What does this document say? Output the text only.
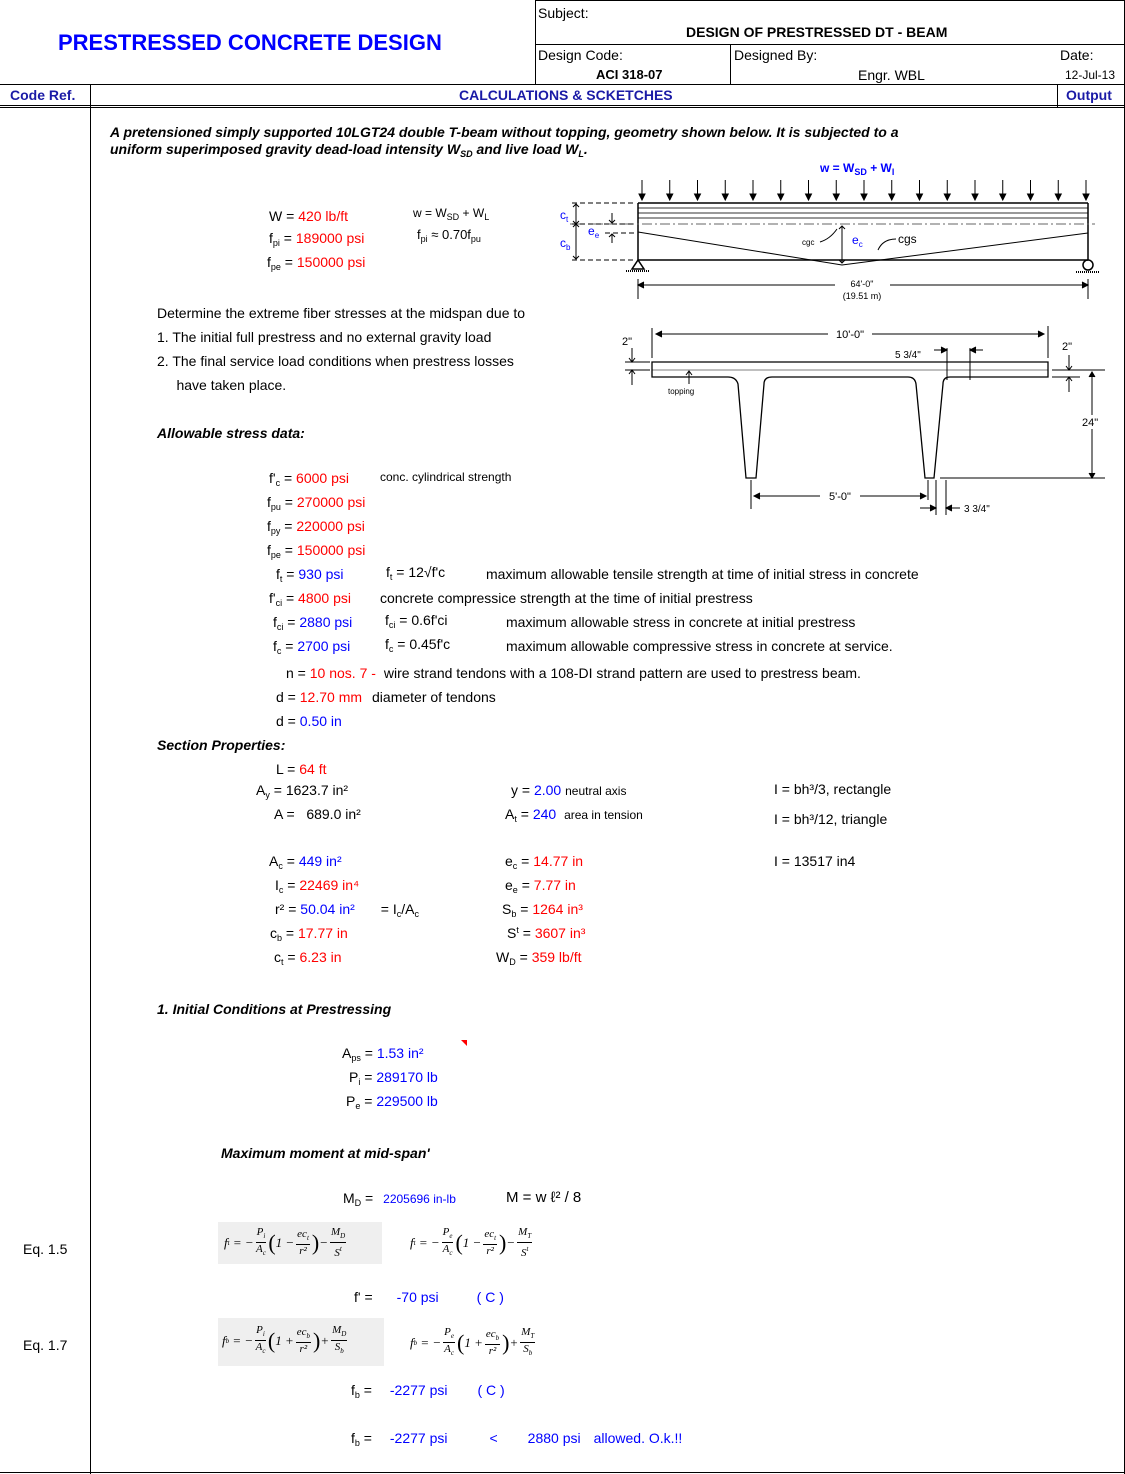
PRESTRESSED CONCRETE DESIGN
Subject:
DESIGN OF PRESTRESSED DT - BEAM
Design Code:
ACI 318-07
Designed By:
Engr. WBL
Date:
12-Jul-13
Code Ref.	CALCULATIONS & SCKETCHES	Output
A pretensioned simply supported 10LGT24 double T-beam without topping, geometry shown below. It is subjected to a
uniform superimposed gravity dead-load intensity $W_{SD}$ and live load $W_L$.
W = 420 lb/ft
$f_{pi} = 189000$ psi
$f_{pe} = 150000$ psi
$w = W_{SD} + W_L$
$f_{pi} \approx 0.70f_{pu}$
$w = W_{SD} + W_l$
$c_t$
$c_b$
$e_e$	$e_c$
cgc	cgs
64'-0"
(19.51 m)
10'-0"
2"
topping
5 3/4"
2"
24"
5'-0"
3 3/4"
Determine the extreme fiber stresses at the midspan due to
1. The initial full prestress and no external gravity load
2. The final service load conditions when prestress losses
have taken place.
Allowable stress data:
$f'_c = 6000$ psi	conc. cylindrical strength
$f_{pu} = 270000$ psi
$f_{py} = 220000$ psi
$f_{pe} = 150000$ psi
$f_t = 930$ psi	$f_t = 12√f'c$	maximum allowable tensile strength at time of initial stress in concrete
$f'_{ci} = 4800$ psi concrete compressice strength at the time of initial prestress
$f_{ci} = 2880$ psi $f_{ci} = 0.6f'ci$	maximum allowable stress in concrete at initial prestress
$f_c = 2700$ psi $f_c = 0.45f'c$	maximum allowable compressive stress in concrete at service.
n = 10 nos. 7 - wire strand tendons with a 108-DI strand pattern are used to prestress beam.
d = 12.70 mm diameter of tendons
d = 0.50 in
Section Properties:
L = 64 ft
$A_y = 1623.7$ in²
A =   689.0 in²
y = 2.00 neutral axis
$A_t = 240$ area in tension
I = bh³/3, rectangle
I = bh³/12, triangle
$A_c = 449$ in²
$I_c = 22469$ in⁴
r² = 50.04 $in^2 = I_c/A_c$
$c_b = 17.77$ in
$c_t = 6.23$ in
$e_c = 14.77$ in
$e_e = 7.77$ in
$S_b = 1264$ in³
$S^t = 3607$ in³
$W_D = 359$ lb/ft
I = 13517 in4
1. Initial Conditions at Prestressing
$A_{ps} = 1.53$ in²
$P_i = 289170$ lb
$P_e = 229500$ lb
Maximum moment at mid-span'
$M_D = 2205696$ in-lb	M = w ℓ² / 8
Eq. 1.5
Eq. 1.7
f t = − $\frac{P_i}{A_c}$ ( $1 - \frac{ec_t}{\text{r²}}$ ) − $\frac{M_D}{S^t}$	f t = − $\frac{P_e}{A_c}$ ( $1 - \frac{ec_t}{\text{r²}}$ ) − $\frac{M_T}{S^t}$
f' = -70 psi	( C )
f b = − $\frac{P_i}{A_c}$ ( $1 + \frac{ec_b}{\text{r²}}$ ) + $\frac{M_D}{S_b}$	f b = − $\frac{P_e}{A_c}$ ( $1 + \frac{ec_b}{\text{r²}}$ ) + $\frac{M_T}{S_b}$
$f_b = -2277$ psi ( C )
$f_b = -2277$ psi	< 2880 psi allowed. O.k.!!
